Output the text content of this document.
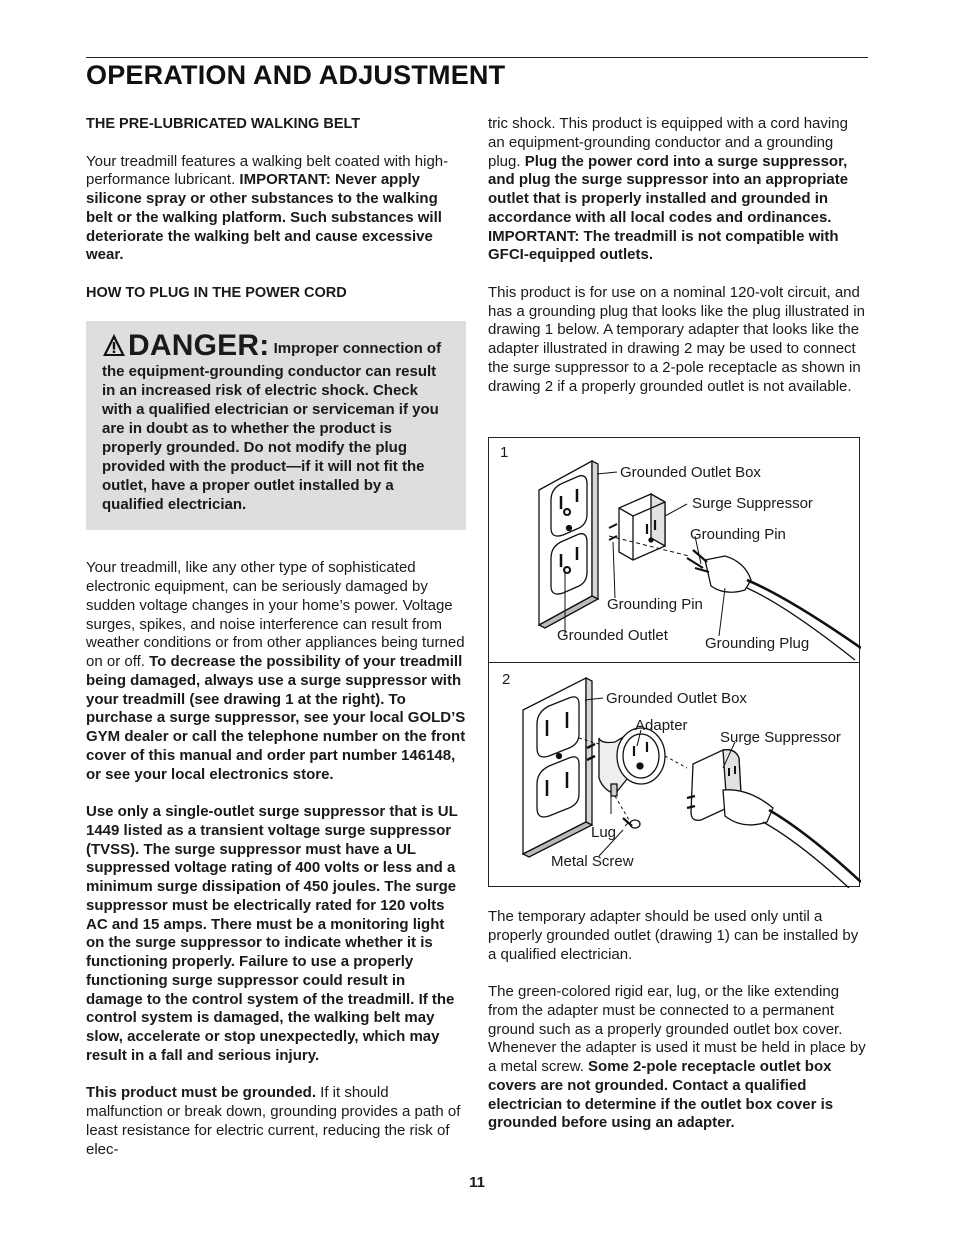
OPERATION AND ADJUSTMENT
THE PRE-LUBRICATED WALKING BELT

Your treadmill features a walking belt coated with high-performance lubricant. IMPORTANT: Never apply silicone spray or other substances to the walking belt or the walking platform. Such substances will deteriorate the walking belt and cause excessive wear.

HOW TO PLUG IN THE POWER CORD
DANGER: Improper connection of the equipment-grounding conductor can result in an increased risk of electric shock. Check with a qualified electrician or serviceman if you are in doubt as to whether the product is properly grounded. Do not modify the plug provided with the product—if it will not fit the outlet, have a proper outlet installed by a qualified electrician.

Your treadmill, like any other type of sophisticated electronic equipment, can be seriously damaged by sudden voltage changes in your home’s power. Voltage surges, spikes, and noise interference can result from weather conditions or from other appliances being turned on or off. To decrease the possibility of your treadmill being damaged, always use a surge suppressor with your treadmill (see drawing 1 at the right). To purchase a surge suppressor, see your local GOLD’S GYM dealer or call the telephone number on the front cover of this manual and order part number 146148, or see your local electronics store.

Use only a single-outlet surge suppressor that is UL 1449 listed as a transient voltage surge suppressor (TVSS). The surge suppressor must have a UL suppressed voltage rating of 400 volts or less and a minimum surge dissipation of 450 joules. The surge suppressor must be electrically rated for 120 volts AC and 15 amps. There must be a monitoring light on the surge suppressor to indicate whether it is functioning properly. Failure to use a properly functioning surge suppressor could result in damage to the control system of the treadmill. If the control system is damaged, the walking belt may slow, accelerate or stop unexpectedly, which may result in a fall and serious injury.

This product must be grounded. If it should malfunction or break down, grounding provides a path of least resistance for electric current, reducing the risk of elec-

tric shock. This product is equipped with a cord having an equipment-grounding conductor and a grounding plug. Plug the power cord into a surge suppressor, and plug the surge suppressor into an appropriate outlet that is properly installed and grounded in accordance with all local codes and ordinances. IMPORTANT: The treadmill is not compatible with GFCI-equipped outlets.

This product is for use on a nominal 120-volt circuit, and has a grounding plug that looks like the plug illustrated in drawing 1 below. A temporary adapter that looks like the adapter illustrated in drawing 2 may be used to connect the surge suppressor to a 2-pole receptacle as shown in drawing 2 if a properly grounded outlet is not available.

The temporary adapter should be used only until a properly grounded outlet (drawing 1) can be installed by a qualified electrician.

The green-colored rigid ear, lug, or the like extending from the adapter must be connected to a permanent ground such as a properly grounded outlet box cover. Whenever the adapter is used it must be held in place by a metal screw. Some 2-pole receptacle outlet box covers are not grounded. Contact a qualified electrician to determine if the outlet box cover is grounded before using an adapter.

1
Grounded Outlet Box
Surge Suppressor
Grounding Pin
Grounding Pin
Grounded Outlet Grounding Plug
2
Grounded Outlet Box
Adapter
Surge Suppressor
Lug
Metal Screw
11
